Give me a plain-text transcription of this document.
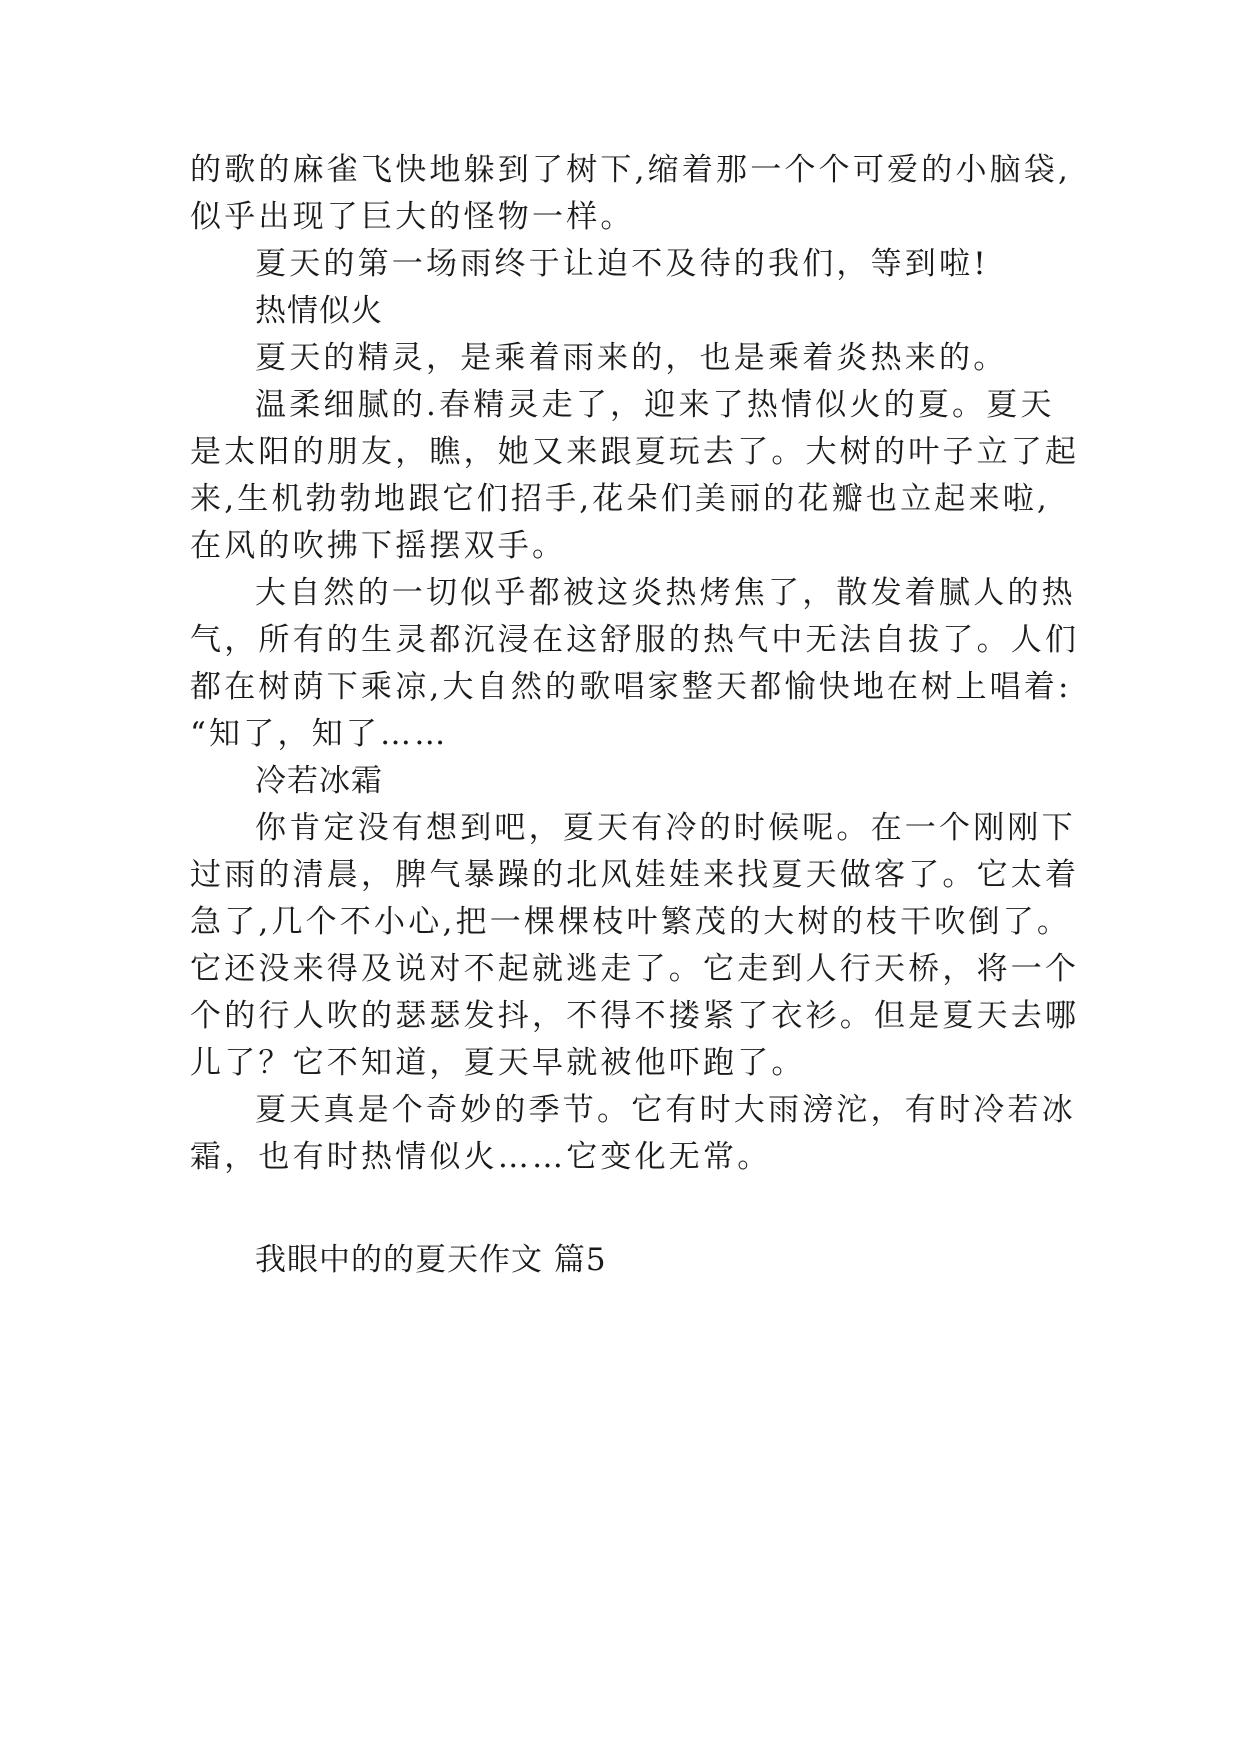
的歌的麻雀飞快地躲到了树下,缩着那一个个可爱的小脑袋,
似乎出现了巨大的怪物一样。
夏天的第一场雨终于让迫不及待的我们，等到啦!
热情似火
夏天的精灵，是乘着雨来的，也是乘着炎热来的。
温柔细腻的.春精灵走了，迎来了热情似火的夏。夏天
是太阳的朋友，瞧，她又来跟夏玩去了。大树的叶子立了起
来,生机勃勃地跟它们招手,花朵们美丽的花瓣也立起来啦,
在风的吹拂下摇摆双手。
大自然的一切似乎都被这炎热烤焦了，散发着腻人的热
气，所有的生灵都沉浸在这舒服的热气中无法自拔了。人们
都在树荫下乘凉,大自然的歌唱家整天都愉快地在树上唱着:
“知了，知了……
冷若冰霜
你肯定没有想到吧，夏天有冷的时候呢。在一个刚刚下
过雨的清晨，脾气暴躁的北风娃娃来找夏天做客了。它太着
急了,几个不小心,把一棵棵枝叶繁茂的大树的枝干吹倒了。
它还没来得及说对不起就逃走了。它走到人行天桥，将一个
个的行人吹的瑟瑟发抖，不得不搂紧了衣衫。但是夏天去哪
儿了？它不知道，夏天早就被他吓跑了。
夏天真是个奇妙的季节。它有时大雨滂沱，有时冷若冰
霜，也有时热情似火……它变化无常。
我眼中的的夏天作文 篇5
